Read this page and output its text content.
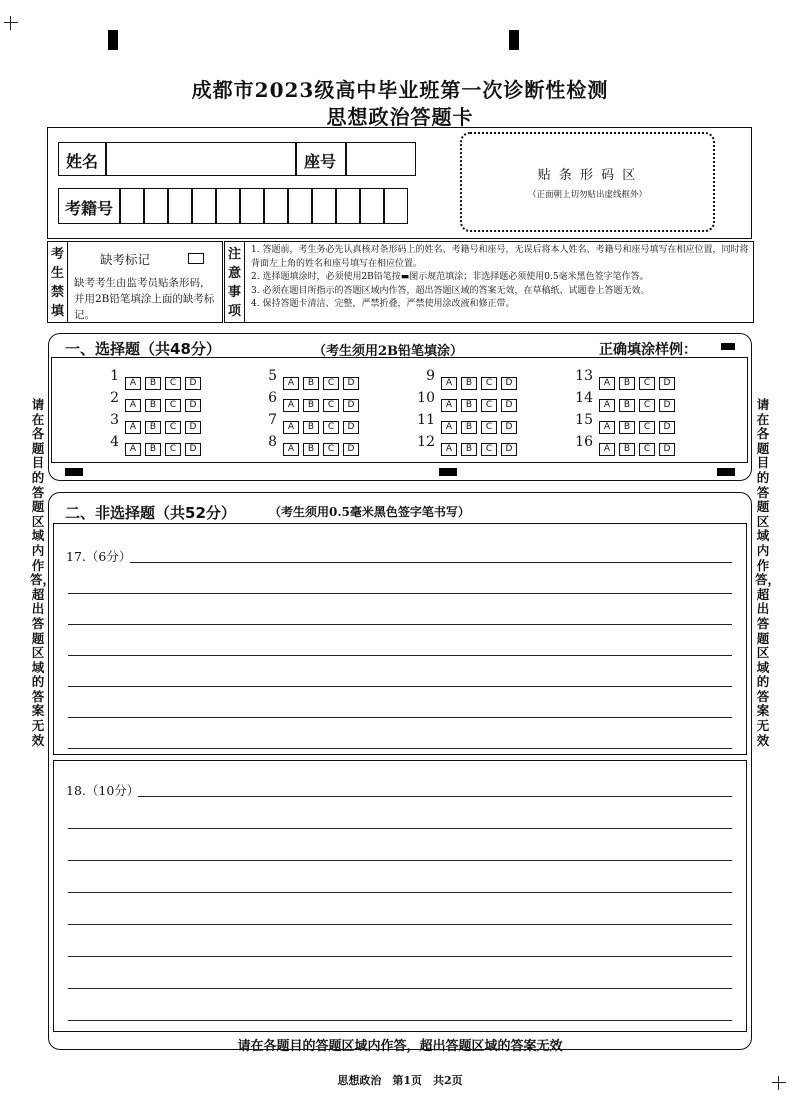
成都市2023级高中毕业班第一次诊断性检测
思想政治答题卡
姓名	座号
考籍号
贴 条 形 码 区
（正面朝上切勿贴出虚线框外）
考生禁填
缺考标记
缺考考生由监考员贴条形码，并用2B铅笔填涂上面的缺考标记。
注意事项
1. 答题前，考生务必先认真核对条形码上的姓名、考籍号和座号，无误后将本人姓名、考籍号和座号填写在相应位置，同时将背面左上角的姓名和座号填写在相应位置。
2. 选择题填涂时，必须使用2B铅笔按▬图示规范填涂；非选择题必须使用0.5毫米黑色签字笔作答。
3. 必须在题目所指示的答题区域内作答，超出答题区域的答案无效，在草稿纸、试题卷上答题无效。
4. 保持答题卡清洁、完整，严禁折叠，严禁使用涂改液和修正带。
请在各题目的答题区域内作答，超出答题区域的答案无效
请在各题目的答题区域内作答，超出答题区域的答案无效
一、选择题（共48分）	（考生须用2B铅笔填涂）	正确填涂样例：
1	A B C D
2	A B C D
3	A B C D
4	A B C D
5	A B C D
6	A B C D
7	A B C D
8	A B C D
9	A B C D
10	A B C D
11	A B C D
12	A B C D
13	A B C D
14	A B C D
15	A B C D
16	A B C D
二、非选择题（共52分）	（考生须用0.5毫米黑色签字笔书写）
17.（6分）
18.（10分）
请在各题目的答题区域内作答，超出答题区域的答案无效
思想政治　第1页　共2页
